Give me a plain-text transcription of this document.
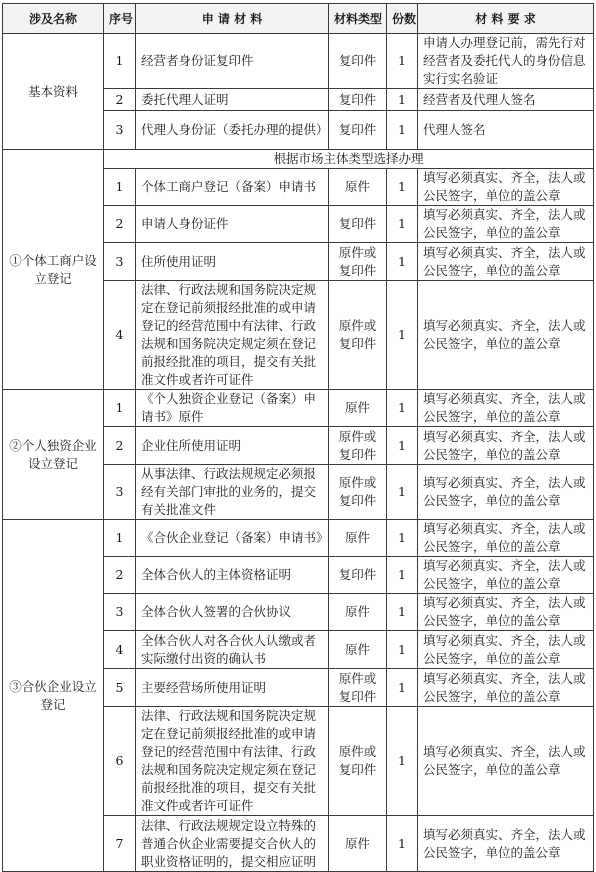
涉及名称	序号	申 请 材 料	材料类型	份数	材 料 要 求
基本资料	1	经营者身份证复印件	复印件	1	申请人办理登记前，需先行对经营者及委托代人的身份信息实行实名验证
	2	委托代理人证明	复印件	1	经营者及代理人签名
	3	代理人身份证（委托办理的提供）	复印件	1	代理人签名
①个体工商户设立登记	根据市场主体类型选择办理				
	1	个体工商户登记（备案）申请书	原件	1	填写必须真实、齐全，法人或公民签字，单位的盖公章
	2	申请人身份证件	复印件	1	填写必须真实、齐全，法人或公民签字，单位的盖公章
	3	住所使用证明	原件或复印件	1	填写必须真实、齐全，法人或公民签字，单位的盖公章
	4	法律、行政法规和国务院决定规定在登记前须报经批准的或申请登记的经营范围中有法律、行政法规和国务院决定规定须在登记前报经批准的项目，提交有关批准文件或者许可证件	原件或复印件	1	填写必须真实、齐全，法人或公民签字，单位的盖公章
②个人独资企业设立登记	1	《个人独资企业登记（备案）申请书》原件	原件	1	填写必须真实、齐全，法人或公民签字，单位的盖公章
	2	企业住所使用证明	原件或复印件	1	填写必须真实、齐全，法人或公民签字，单位的盖公章
	3	从事法律、行政法规规定必须报经有关部门审批的业务的，提交有关批准文件	原件或复印件	1	填写必须真实、齐全，法人或公民签字，单位的盖公章
③合伙企业设立登记	1	《合伙企业登记（备案）申请书》	原件	1	填写必须真实、齐全，法人或公民签字，单位的盖公章
	2	全体合伙人的主体资格证明	复印件	1	填写必须真实、齐全，法人或公民签字，单位的盖公章
	3	全体合伙人签署的合伙协议	原件	1	填写必须真实、齐全，法人或公民签字，单位的盖公章
	4	全体合伙人对各合伙人认缴或者实际缴付出资的确认书	原件	1	填写必须真实、齐全，法人或公民签字，单位的盖公章
	5	主要经营场所使用证明	原件或复印件	1	填写必须真实、齐全，法人或公民签字，单位的盖公章
	6	法律、行政法规和国务院决定规定在登记前须报经批准的或申请登记的经营范围中有法律、行政法规和国务院决定规定须在登记前报经批准的项目，提交有关批准文件或者许可证件	原件或复印件	1	填写必须真实、齐全，法人或公民签字，单位的盖公章
	7	法律、行政法规规定设立特殊的普通合伙企业需要提交合伙人的职业资格证明的，提交相应证明	原件	1	填写必须真实、齐全，法人或公民签字，单位的盖公章
